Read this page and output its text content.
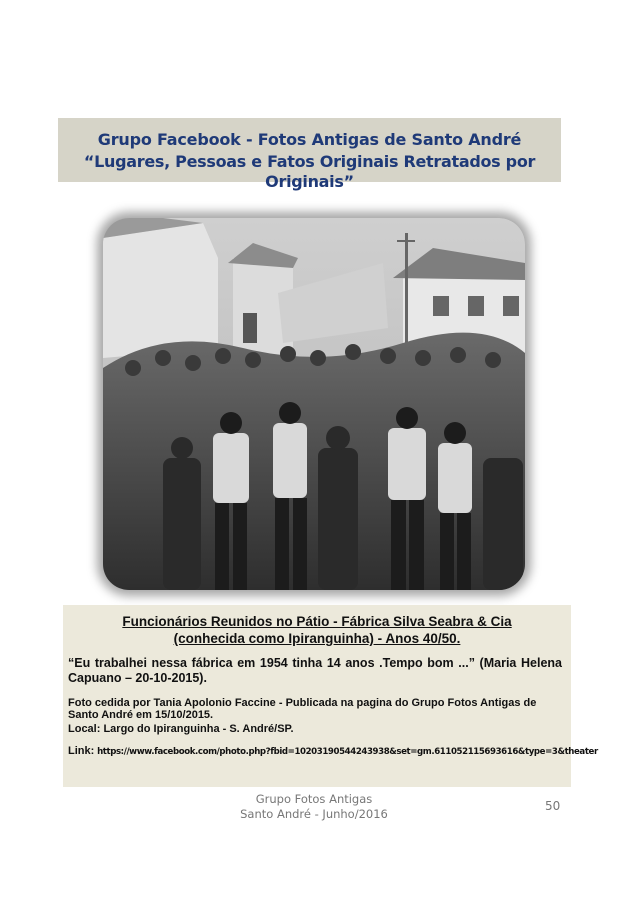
Grupo Facebook - Fotos Antigas de Santo André
“Lugares, Pessoas e Fatos Originais Retratados por Originais”
Funcionários Reunidos no Pátio - Fábrica Silva Seabra & Cia
(conhecida como Ipiranguinha) - Anos 40/50.
“Eu trabalhei nessa fábrica em 1954 tinha 14 anos .Tempo bom ...” (Maria Helena Capuano – 20-10-2015).
Foto cedida por Tania Apolonio Faccine - Publicada na pagina do Grupo Fotos Antigas de Santo André em 15/10/2015.
Local: Largo do Ipiranguinha - S. André/SP.
Link: https://www.facebook.com/photo.php?fbid=10203190544243938&set=gm.611052115693616&type=3&theater
Grupo Fotos Antigas
Santo André - Junho/2016
50
